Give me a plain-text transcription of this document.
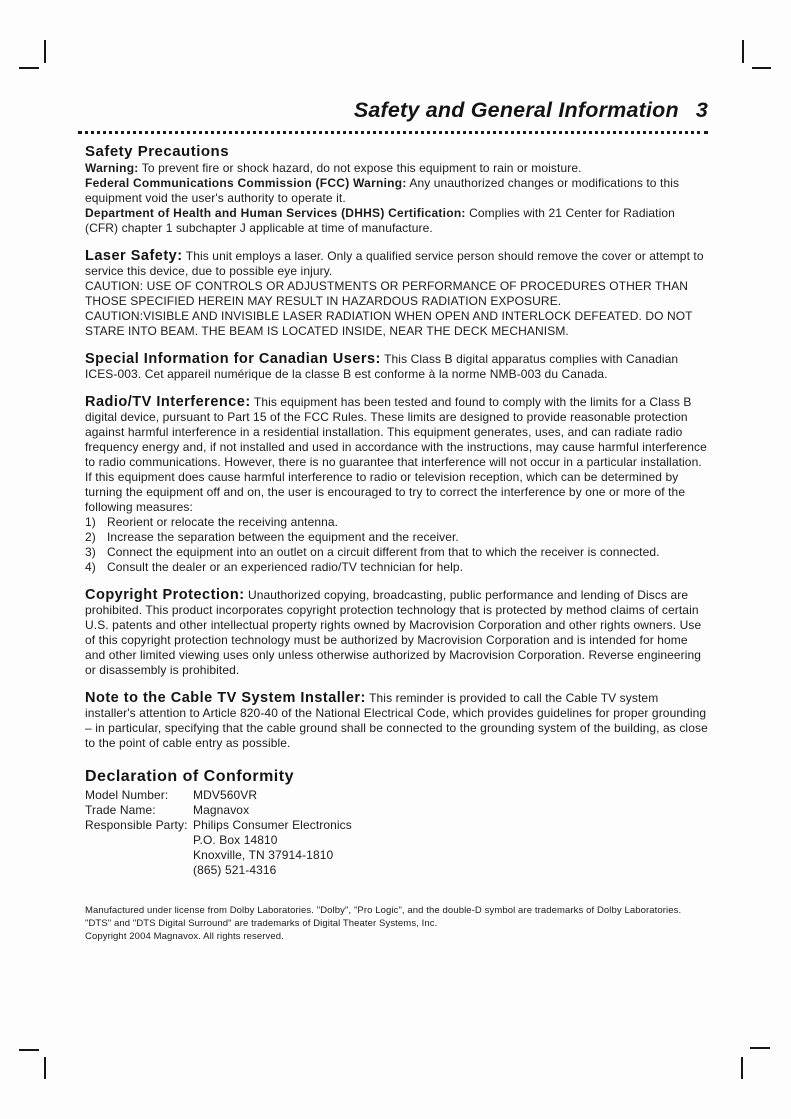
Safety and General Information 3
Safety Precautions

Warning: To prevent fire or shock hazard, do not expose this equipment to rain or moisture.

Federal Communications Commission (FCC) Warning: Any unauthorized changes or modifications to this equipment void the user's authority to operate it.

Department of Health and Human Services (DHHS) Certification: Complies with 21 Center for Radiation (CFR) chapter 1 subchapter J applicable at time of manufacture.

Laser Safety: This unit employs a laser. Only a qualified service person should remove the cover or attempt to service this device, due to possible eye injury.

CAUTION: USE OF CONTROLS OR ADJUSTMENTS OR PERFORMANCE OF PROCEDURES OTHER THAN THOSE SPECIFIED HEREIN MAY RESULT IN HAZARDOUS RADIATION EXPOSURE.

CAUTION:VISIBLE AND INVISIBLE LASER RADIATION WHEN OPEN AND INTERLOCK DEFEATED. DO NOT STARE INTO BEAM. THE BEAM IS LOCATED INSIDE, NEAR THE DECK MECHANISM.

Special Information for Canadian Users: This Class B digital apparatus complies with Canadian ICES-003. Cet appareil numérique de la classe B est conforme à la norme NMB-003 du Canada.

Radio/TV Interference: This equipment has been tested and found to comply with the limits for a Class B digital device, pursuant to Part 15 of the FCC Rules. These limits are designed to provide reasonable protection against harmful interference in a residential installation. This equipment generates, uses, and can radiate radio frequency energy and, if not installed and used in accordance with the instructions, may cause harmful interference to radio communications. However, there is no guarantee that interference will not occur in a particular installation. If this equipment does cause harmful interference to radio or television reception, which can be determined by turning the equipment off and on, the user is encouraged to try to correct the interference by one or more of the following measures:

1) Reorient or relocate the receiving antenna.
2) Increase the separation between the equipment and the receiver.
3) Connect the equipment into an outlet on a circuit different from that to which the receiver is connected.
4) Consult the dealer or an experienced radio/TV technician for help.

Copyright Protection: Unauthorized copying, broadcasting, public performance and lending of Discs are prohibited. This product incorporates copyright protection technology that is protected by method claims of certain U.S. patents and other intellectual property rights owned by Macrovision Corporation and other rights owners. Use of this copyright protection technology must be authorized by Macrovision Corporation and is intended for home and other limited viewing uses only unless otherwise authorized by Macrovision Corporation. Reverse engineering or disassembly is prohibited.

Note to the Cable TV System Installer: This reminder is provided to call the Cable TV system installer's attention to Article 820-40 of the National Electrical Code, which provides guidelines for proper grounding – in particular, specifying that the cable ground shall be connected to the grounding system of the building, as close to the point of cable entry as possible.

Declaration of Conformity
Model Number:	MDV560VR
Trade Name:	Magnavox
Responsible Party: Philips Consumer Electronics
P.O. Box 14810
Knoxville, TN 37914-1810
(865) 521-4316

Manufactured under license from Dolby Laboratories. "Dolby", "Pro Logic", and the double-D symbol are trademarks of Dolby Laboratories.

"DTS" and "DTS Digital Surround" are trademarks of Digital Theater Systems, Inc.

Copyright 2004 Magnavox. All rights reserved.
